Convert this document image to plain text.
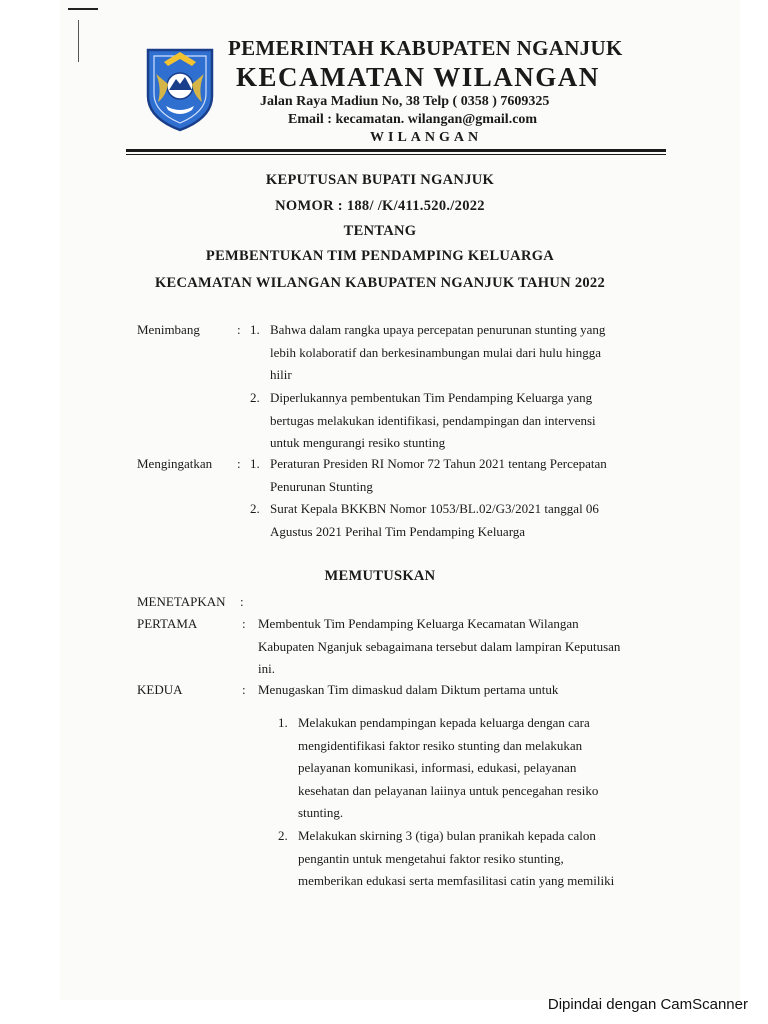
PEMERINTAH KABUPATEN NGANJUK
KECAMATAN WILANGAN
Jalan Raya Madiun No, 38 Telp ( 0358 ) 7609325
Email : kecamatan. wilangan@gmail.com
WILANGAN
KEPUTUSAN BUPATI NGANJUK
NOMOR : 188/ /K/411.520./2022
TENTANG
PEMBENTUKAN TIM PENDAMPING KELUARGA
KECAMATAN WILANGAN KABUPATEN NGANJUK TAHUN 2022
Menimbang	: 1. Bahwa dalam rangka upaya percepatan penurunan stunting yang
lebih kolaboratif dan berkesinambungan mulai dari hulu hingga
hilir
2. Diperlukannya pembentukan Tim Pendamping Keluarga yang
bertugas melakukan identifikasi, pendampingan dan intervensi
untuk mengurangi resiko stunting
Mengingatkan : 1. Peraturan Presiden RI Nomor 72 Tahun 2021 tentang Percepatan
Penurunan Stunting
2. Surat Kepala BKKBN Nomor 1053/BL.02/G3/2021 tanggal 06
Agustus 2021 Perihal Tim Pendamping Keluarga
MEMUTUSKAN
MENETAPKAN :
PERTAMA	: Membentuk Tim Pendamping Keluarga Kecamatan Wilangan
Kabupaten Nganjuk sebagaimana tersebut dalam lampiran Keputusan
ini.
KEDUA	: Menugaskan Tim dimaskud dalam Diktum pertama untuk
1. Melakukan pendampingan kepada keluarga dengan cara
mengidentifikasi faktor resiko stunting dan melakukan
pelayanan komunikasi, informasi, edukasi, pelayanan
kesehatan dan pelayanan laiinya untuk pencegahan resiko
stunting.
2. Melakukan skirning 3 (tiga) bulan pranikah kepada calon
pengantin untuk mengetahui faktor resiko stunting,
memberikan edukasi serta memfasilitasi catin yang memiliki
Dipindai dengan CamScanner
